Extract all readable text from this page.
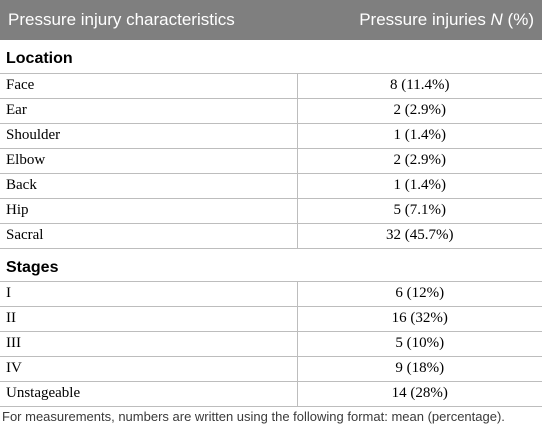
Pressure injury characteristics	Pressure injuries N (%)
Location	
Face	8 (11.4%)
Ear	2 (2.9%)
Shoulder	1 (1.4%)
Elbow	2 (2.9%)
Back	1 (1.4%)
Hip	5 (7.1%)
Sacral	32 (45.7%)
Stages	
I	6 (12%)
II	16 (32%)
III	5 (10%)
IV	9 (18%)
Unstageable	14 (28%)
For measurements, numbers are written using the following format: mean (percentage).
